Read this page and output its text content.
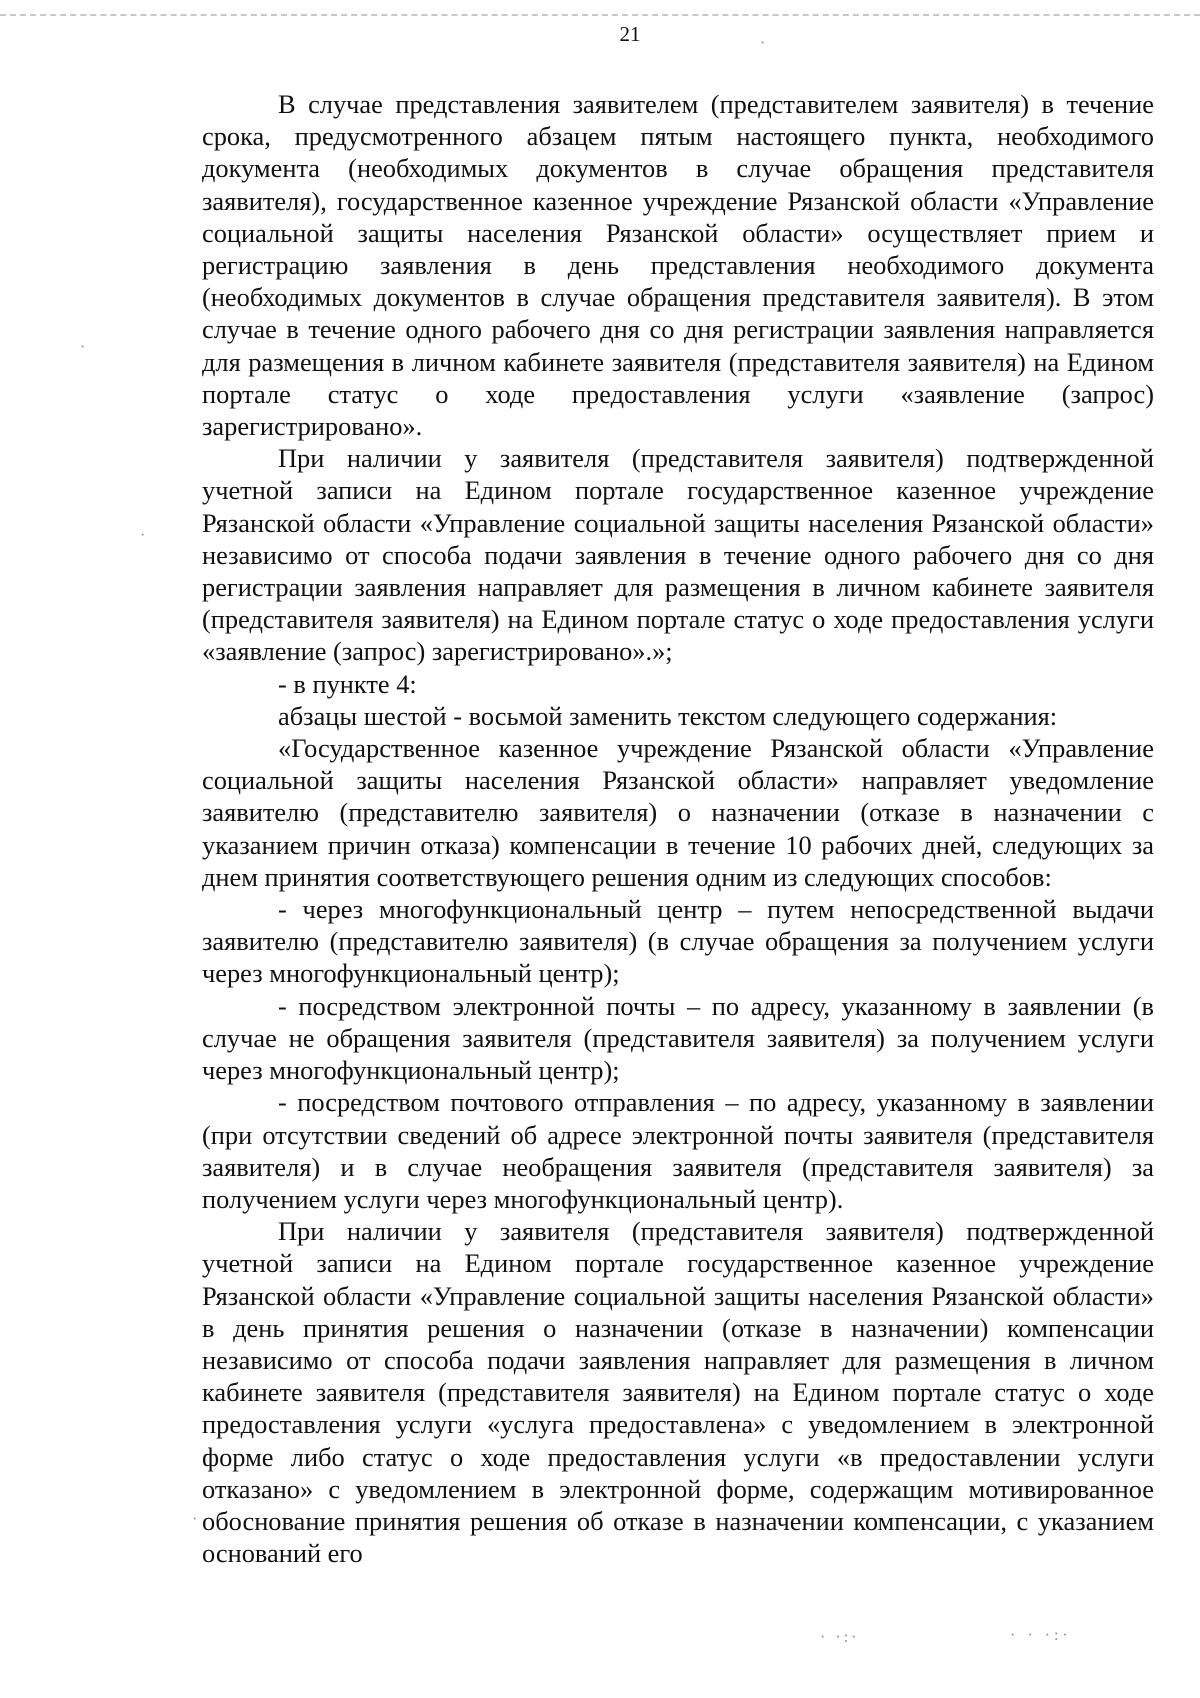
21

В случае представления заявителем (представителем заявителя) в течение срока, предусмотренного абзацем пятым настоящего пункта, необходимого документа (необходимых документов в случае обращения представителя заявителя), государственное казенное учреждение Рязанской области «Управление социальной защиты населения Рязанской области» осуществляет прием и регистрацию заявления в день представления необходимого документа (необходимых документов в случае обращения представителя заявителя). В этом случае в течение одного рабочего дня со дня регистрации заявления направляется для размещения в личном кабинете заявителя (представителя заявителя) на Едином портале статус о ходе предоставления услуги «заявление (запрос) зарегистрировано».

При наличии у заявителя (представителя заявителя) подтвержденной учетной записи на Едином портале государственное казенное учреждение Рязанской области «Управление социальной защиты населения Рязанской области» независимо от способа подачи заявления в течение одного рабочего дня со дня регистрации заявления направляет для размещения в личном кабинете заявителя (представителя заявителя) на Едином портале статус о ходе предоставления услуги «заявление (запрос) зарегистрировано».»;

- в пункте 4:

абзацы шестой - восьмой заменить текстом следующего содержания:

«Государственное казенное учреждение Рязанской области «Управление социальной защиты населения Рязанской области» направляет уведомление заявителю (представителю заявителя) о назначении (отказе в назначении с указанием причин отказа) компенсации в течение 10 рабочих дней, следующих за днем принятия соответствующего решения одним из следующих способов:

- через многофункциональный центр – путем непосредственной выдачи заявителю (представителю заявителя) (в случае обращения за получением услуги через многофункциональный центр);

- посредством электронной почты – по адресу, указанному в заявлении (в случае не обращения заявителя (представителя заявителя) за получением услуги через многофункциональный центр);

- посредством почтового отправления – по адресу, указанному в заявлении (при отсутствии сведений об адресе электронной почты заявителя (представителя заявителя) и в случае необращения заявителя (представителя заявителя) за получением услуги через многофункциональный центр).

При наличии у заявителя (представителя заявителя) подтвержденной учетной записи на Едином портале государственное казенное учреждение Рязанской области «Управление социальной защиты населения Рязанской области» в день принятия решения о назначении (отказе в назначении) компенсации независимо от способа подачи заявления направляет для размещения в личном кабинете заявителя (представителя заявителя) на Едином портале статус о ходе предоставления услуги «услуга предоставлена» с уведомлением в электронной форме либо статус о ходе предоставления услуги «в предоставлении услуги отказано» с уведомлением в электронной форме, содержащим мотивированное обоснование принятия решения об отказе в назначении компенсации, с указанием оснований его

·
·
·
·
· ·:·	· · ·:·
